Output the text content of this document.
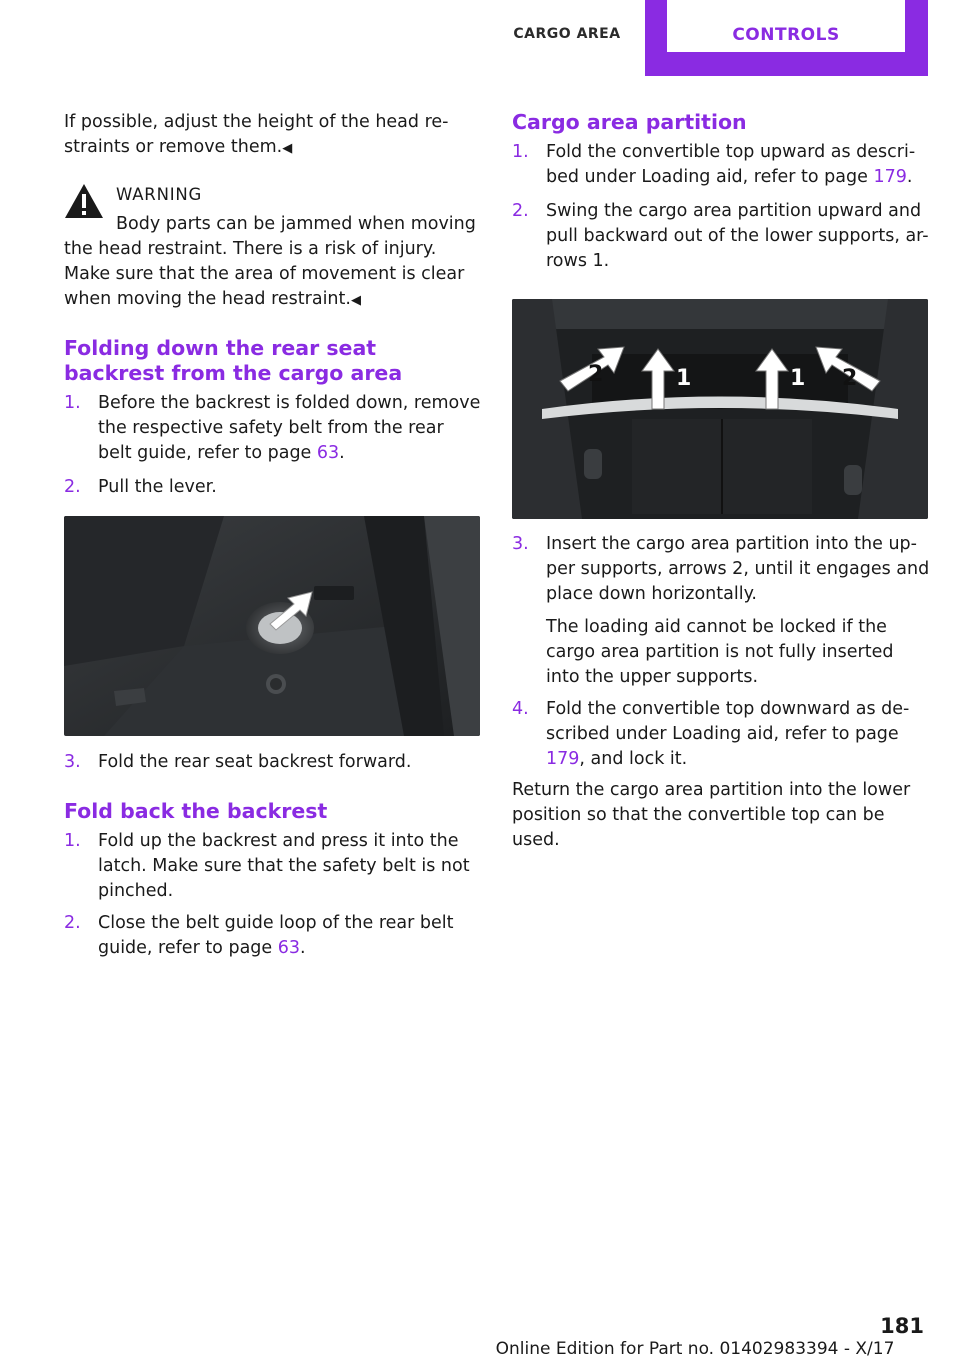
CARGO AREA	CONTROLS

If possible, adjust the height of the head re-straints or remove them.◀

WARNING

Body parts can be jammed when moving the head restraint. There is a risk of injury. Make sure that the area of movement is clear when moving the head restraint.◀

Folding down the rear seat backrest from the cargo area
1. Before the backrest is folded down, remove the respective safety belt from the rear belt guide, refer to page 63.
2. Pull the lever.
3. Fold the rear seat backrest forward.
Fold back the backrest
1. Fold up the backrest and press it into the latch. Make sure that the safety belt is not pinched.
2. Close the belt guide loop of the rear belt guide, refer to page 63.
Cargo area partition
1. Fold the convertible top upward as descri-bed under Loading aid, refer to page 179.
2. Swing the cargo area partition upward and pull backward out of the lower supports, ar-rows 1.
2	1	1 2
3. Insert the cargo area partition into the up-per supports, arrows 2, until it engages and place down horizontally.
The loading aid cannot be locked if the cargo area partition is not fully inserted into the upper supports.
4. Fold the convertible top downward as de-scribed under Loading aid, refer to page 179, and lock it.

Return the cargo area partition into the lower position so that the convertible top can be used.

181
Online Edition for Part no. 01402983394 - X/17
